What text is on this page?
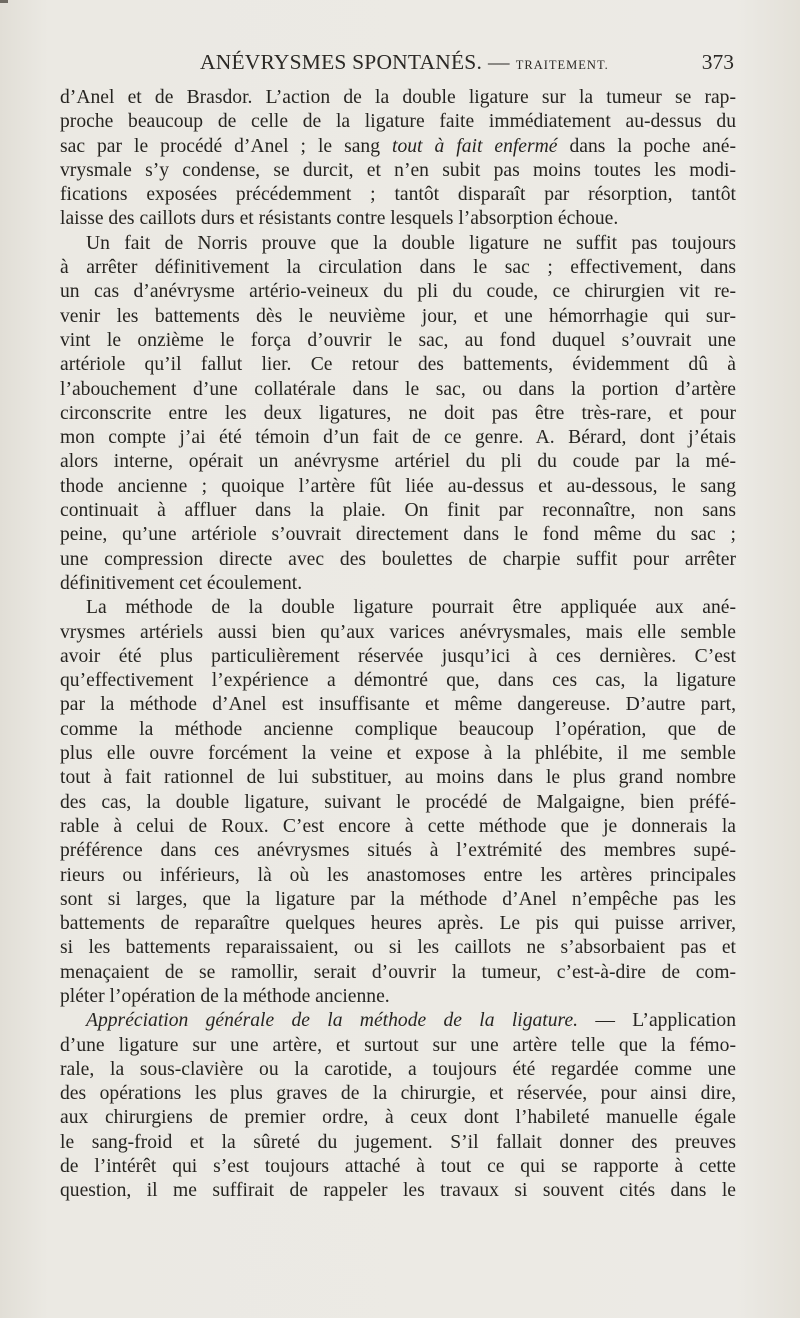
ANÉVRYSMES SPONTANÉS. — TRAITEMENT.	373
d’Anel et de Brasdor. L’action de la double ligature sur la tumeur se rap-
proche beaucoup de celle de la ligature faite immédiatement au-dessus du
sac par le procédé d’Anel ; le sang tout à fait enfermé dans la poche ané-
vrysmale s’y condense, se durcit, et n’en subit pas moins toutes les modi-
fications exposées précédemment ; tantôt disparaît par résorption, tantôt
laisse des caillots durs et résistants contre lesquels l’absorption échoue.
Un fait de Norris prouve que la double ligature ne suffit pas toujours
à arrêter définitivement la circulation dans le sac ; effectivement, dans
un cas d’anévrysme artério-veineux du pli du coude, ce chirurgien vit re-
venir les battements dès le neuvième jour, et une hémorrhagie qui sur-
vint le onzième le força d’ouvrir le sac, au fond duquel s’ouvrait une
artériole qu’il fallut lier. Ce retour des battements, évidemment dû à
l’abouchement d’une collatérale dans le sac, ou dans la portion d’artère
circonscrite entre les deux ligatures, ne doit pas être très-rare, et pour
mon compte j’ai été témoin d’un fait de ce genre. A. Bérard, dont j’étais
alors interne, opérait un anévrysme artériel du pli du coude par la mé-
thode ancienne ; quoique l’artère fût liée au-dessus et au-dessous, le sang
continuait à affluer dans la plaie. On finit par reconnaître, non sans
peine, qu’une artériole s’ouvrait directement dans le fond même du sac ;
une compression directe avec des boulettes de charpie suffit pour arrêter
définitivement cet écoulement.
La méthode de la double ligature pourrait être appliquée aux ané-
vrysmes artériels aussi bien qu’aux varices anévrysmales, mais elle semble
avoir été plus particulièrement réservée jusqu’ici à ces dernières. C’est
qu’effectivement l’expérience a démontré que, dans ces cas, la ligature
par la méthode d’Anel est insuffisante et même dangereuse. D’autre part,
comme la méthode ancienne complique beaucoup l’opération, que de
plus elle ouvre forcément la veine et expose à la phlébite, il me semble
tout à fait rationnel de lui substituer, au moins dans le plus grand nombre
des cas, la double ligature, suivant le procédé de Malgaigne, bien préfé-
rable à celui de Roux. C’est encore à cette méthode que je donnerais la
préférence dans ces anévrysmes situés à l’extrémité des membres supé-
rieurs ou inférieurs, là où les anastomoses entre les artères principales
sont si larges, que la ligature par la méthode d’Anel n’empêche pas les
battements de reparaître quelques heures après. Le pis qui puisse arriver,
si les battements reparaissaient, ou si les caillots ne s’absorbaient pas et
menaçaient de se ramollir, serait d’ouvrir la tumeur, c’est-à-dire de com-
pléter l’opération de la méthode ancienne.
Appréciation générale de la méthode de la ligature. — L’application
d’une ligature sur une artère, et surtout sur une artère telle que la fémo-
rale, la sous-clavière ou la carotide, a toujours été regardée comme une
des opérations les plus graves de la chirurgie, et réservée, pour ainsi dire,
aux chirurgiens de premier ordre, à ceux dont l’habileté manuelle égale
le sang-froid et la sûreté du jugement. S’il fallait donner des preuves
de l’intérêt qui s’est toujours attaché à tout ce qui se rapporte à cette
question, il me suffirait de rappeler les travaux si souvent cités dans le
